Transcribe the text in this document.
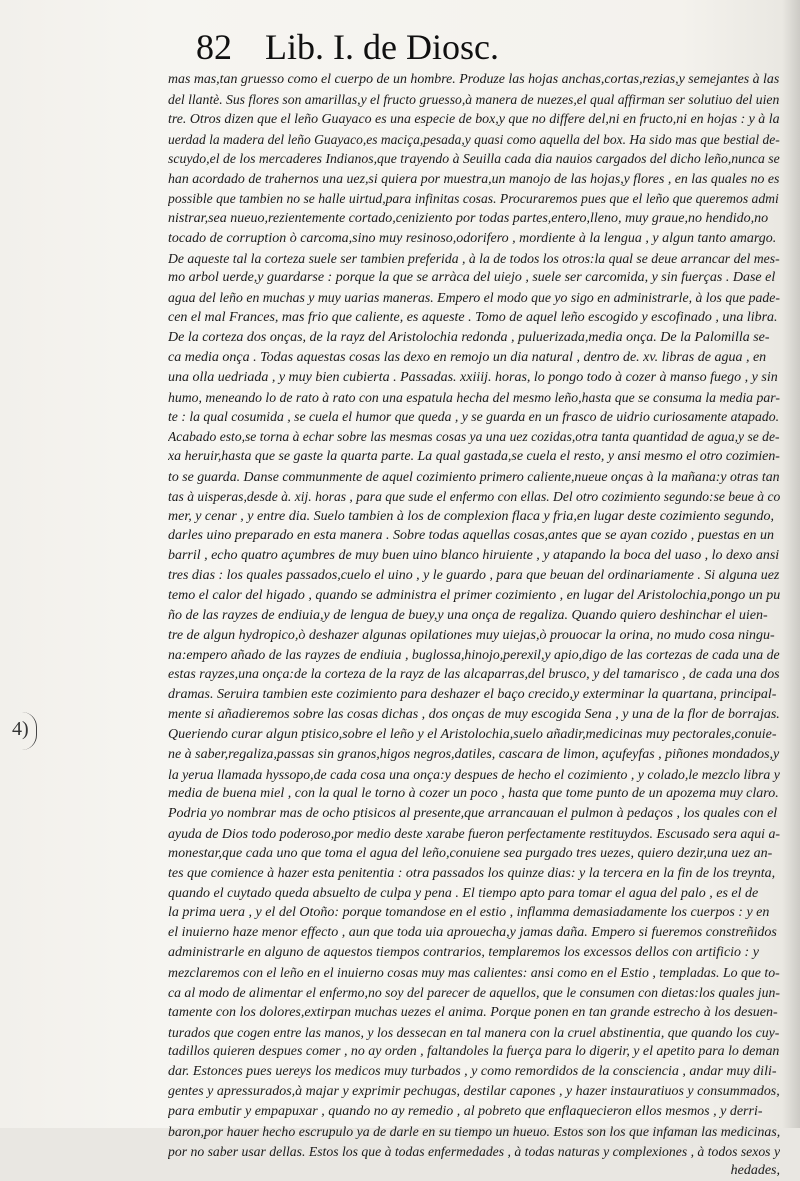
82 Lib. I. de Diosc.
4)
mas mas,tan gruesso como el cuerpo de un hombre. Produze las hojas anchas,cortas,rezias,y semejantes à las
del llantè. Sus flores son amarillas,y el fructo gruesso,à manera de nuezes,el qual affirman ser solutiuo del uien
tre. Otros dizen que el leño Guayaco es una especie de box,y que no differe del,ni en fructo,ni en hojas : y à la
uerdad la madera del leño Guayaco,es maciça,pesada,y quasi como aquella del box. Ha sido mas que bestial de-
scuydo,el de los mercaderes Indianos,que trayendo à Seuilla cada dia nauios cargados del dicho leño,nunca se
han acordado de trahernos una uez,si quiera por muestra,un manojo de las hojas,y flores , en las quales no es
possible que tambien no se halle uirtud,para infinitas cosas. Procuraremos pues que el leño que queremos admi
nistrar,sea nueuo,rezientemente cortado,ceniziento por todas partes,entero,lleno, muy graue,no hendido,no
tocado de corruption ò carcoma,sino muy resinoso,odorifero , mordiente à la lengua , y algun tanto amargo.
De aqueste tal la corteza suele ser tambien preferida , à la de todos los otros:la qual se deue arrancar del mes-
mo arbol uerde,y guardarse : porque la que se arràca del uiejo , suele ser carcomida, y sin fuerças . Dase el
agua del leño en muchas y muy uarias maneras. Empero el modo que yo sigo en administrarle, à los que pade-
cen el mal Frances, mas frio que caliente, es aqueste . Tomo de aquel leño escogido y escofinado , una libra.
De la corteza dos onças, de la rayz del Aristolochia redonda , puluerizada,media onça. De la Palomilla se-
ca media onça . Todas aquestas cosas las dexo en remojo un dia natural , dentro de. xv. libras de agua , en
una olla uedriada , y muy bien cubierta . Passadas. xxiiij. horas, lo pongo todo à cozer à manso fuego , y sin
humo, meneando lo de rato à rato con una espatula hecha del mesmo leño,hasta que se consuma la media par-
te : la qual cosumida , se cuela el humor que queda , y se guarda en un frasco de uidrio curiosamente atapado.
Acabado esto,se torna à echar sobre las mesmas cosas ya una uez cozidas,otra tanta quantidad de agua,y se de-
xa heruir,hasta que se gaste la quarta parte. La qual gastada,se cuela el resto, y ansi mesmo el otro cozimien-
to se guarda. Danse communmente de aquel cozimiento primero caliente,nueue onças à la mañana:y otras tan
tas à uisperas,desde à. xij. horas , para que sude el enfermo con ellas. Del otro cozimiento segundo:se beue à co
mer, y cenar , y entre dia. Suelo tambien à los de complexion flaca y fria,en lugar deste cozimiento segundo,
darles uino preparado en esta manera . Sobre todas aquellas cosas,antes que se ayan cozido , puestas en un
barril , echo quatro açumbres de muy buen uino blanco hiruiente , y atapando la boca del uaso , lo dexo ansi
tres dias : los quales passados,cuelo el uino , y le guardo , para que beuan del ordinariamente . Si alguna uez
temo el calor del higado , quando se administra el primer cozimiento , en lugar del Aristolochia,pongo un pu
ño de las rayzes de endiuia,y de lengua de buey,y una onça de regaliza. Quando quiero deshinchar el uien-
tre de algun hydropico,ò deshazer algunas opilationes muy uiejas,ò prouocar la orina, no mudo cosa ningu-
na:empero añado de las rayzes de endiuia , buglossa,hinojo,perexil,y apio,digo de las cortezas de cada una de
estas rayzes,una onça:de la corteza de la rayz de las alcaparras,del brusco, y del tamarisco , de cada una dos
dramas. Seruira tambien este cozimiento para deshazer el baço crecido,y exterminar la quartana, principal-
mente si añadieremos sobre las cosas dichas , dos onças de muy escogida Sena , y una de la flor de borrajas.
Queriendo curar algun ptisico,sobre el leño y el Aristolochia,suelo añadir,medicinas muy pectorales,conuie-
ne à saber,regaliza,passas sin granos,higos negros,datiles, cascara de limon, açufeyfas , piñones mondados,y
la yerua llamada hyssopo,de cada cosa una onça:y despues de hecho el cozimiento , y colado,le mezclo libra y
media de buena miel , con la qual le torno à cozer un poco , hasta que tome punto de un apozema muy claro.
Podria yo nombrar mas de ocho ptisicos al presente,que arrancauan el pulmon à pedaços , los quales con el
ayuda de Dios todo poderoso,por medio deste xarabe fueron perfectamente restituydos. Escusado sera aqui a-
monestar,que cada uno que toma el agua del leño,conuiene sea purgado tres uezes, quiero dezir,una uez an-
tes que comience à hazer esta penitentia : otra passados los quinze dias: y la tercera en la fin de los treynta,
quando el cuytado queda absuelto de culpa y pena . El tiempo apto para tomar el agua del palo , es el de
la prima uera , y el del Otoño: porque tomandose en el estio , inflamma demasiadamente los cuerpos : y en
el inuierno haze menor effecto , aun que toda uia aprouecha,y jamas daña. Empero si fueremos constreñidos
administrarle en alguno de aquestos tiempos contrarios, templaremos los excessos dellos con artificio : y
mezclaremos con el leño en el inuierno cosas muy mas calientes: ansi como en el Estio , templadas. Lo que to-
ca al modo de alimentar el enfermo,no soy del parecer de aquellos, que le consumen con dietas:los quales jun-
tamente con los dolores,extirpan muchas uezes el anima. Porque ponen en tan grande estrecho à los desuen-
turados que cogen entre las manos, y los dessecan en tal manera con la cruel abstinentia, que quando los cuy-
tadillos quieren despues comer , no ay orden , faltandoles la fuerça para lo digerir, y el apetito para lo deman
dar. Estonces pues uereys los medicos muy turbados , y como remordidos de la consciencia , andar muy dili-
gentes y apressurados,à majar y exprimir pechugas, destilar capones , y hazer instauratiuos y consummados,
para embutir y empapuxar , quando no ay remedio , al pobreto que enflaquecieron ellos mesmos , y derri-
baron,por hauer hecho escrupulo ya de darle en su tiempo un hueuo. Estos son los que infaman las medicinas,
por no saber usar dellas. Estos los que à todas enfermedades , à todas naturas y complexiones , à todos sexos y
hedades,
